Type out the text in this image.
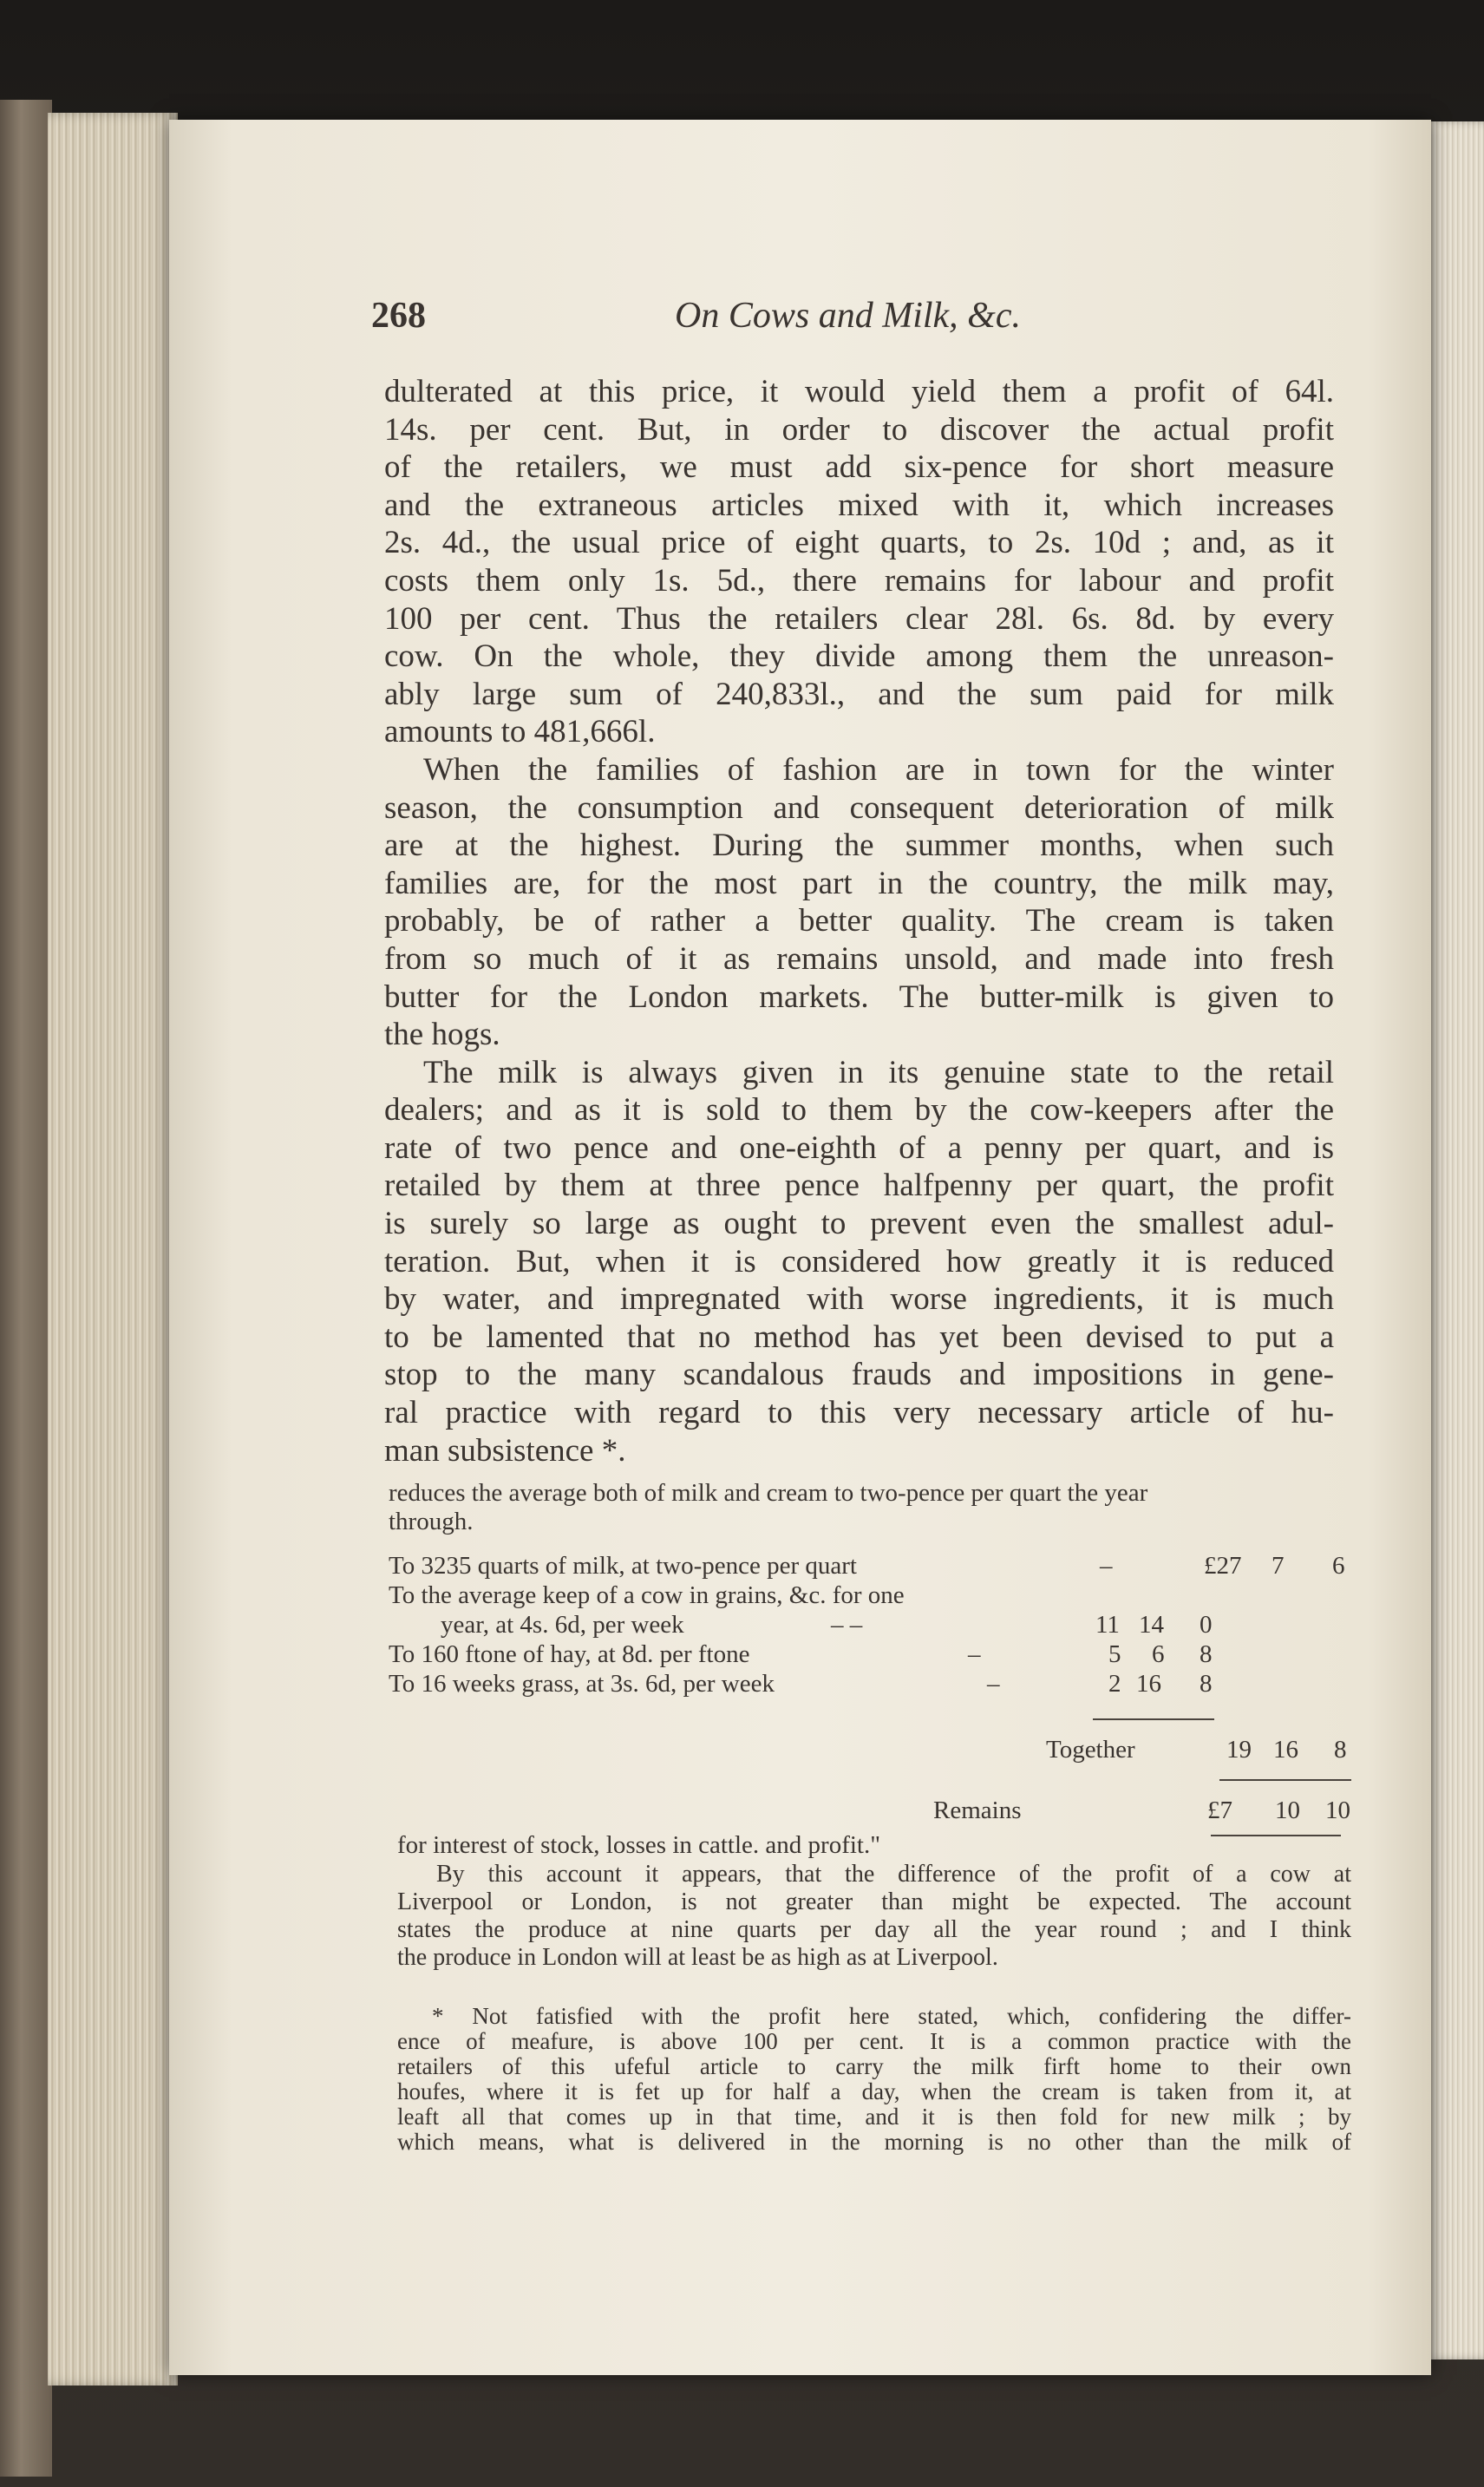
268	On Cows and Milk, &c.
dulterated at this price, it would yield them a profit of 64l.
14s. per cent. But, in order to discover the actual profit
of the retailers, we must add six-pence for short measure
and the extraneous articles mixed with it, which increases
2s. 4d., the usual price of eight quarts, to 2s. 10d ; and, as it
costs them only 1s. 5d., there remains for labour and profit
100 per cent. Thus the retailers clear 28l. 6s. 8d. by every
cow. On the whole, they divide among them the unreason-
ably large sum of 240,833l., and the sum paid for milk
amounts to 481,666l.
When the families of fashion are in town for the winter
season, the consumption and consequent deterioration of milk
are at the highest. During the summer months, when such
families are, for the most part in the country, the milk may,
probably, be of rather a better quality. The cream is taken
from so much of it as remains unsold, and made into fresh
butter for the London markets. The butter-milk is given to
the hogs.
The milk is always given in its genuine state to the retail
dealers; and as it is sold to them by the cow-keepers after the
rate of two pence and one-eighth of a penny per quart, and is
retailed by them at three pence halfpenny per quart, the profit
is surely so large as ought to prevent even the smallest adul-
teration. But, when it is considered how greatly it is reduced
by water, and impregnated with worse ingredients, it is much
to be lamented that no method has yet been devised to put a
stop to the many scandalous frauds and impositions in gene-
ral practice with regard to this very necessary article of hu-
man subsistence *.
reduces the average both of milk and cream to two-pence per quart the year
through.
To 3235 quarts of milk, at two-pence per quart	–	£27 7 6
To the average keep of a cow in grains, &c. for one
year, at 4s. 6d, per week	– –	11 14 0
To 160 ftone of hay, at 8d. per ftone	–	5 6 8
To 16 weeks grass, at 3s. 6d, per week	–	2 16 8
Together	19 16 8
Remains	£7 10 10
for interest of stock, losses in cattle. and profit."
By this account it appears, that the difference of the profit of a cow at
Liverpool or London, is not greater than might be expected. The account
states the produce at nine quarts per day all the year round ; and I think
the produce in London will at least be as high as at Liverpool.
* Not fatisfied with the profit here stated, which, confidering the differ-
ence of meafure, is above 100 per cent. It is a common practice with the
retailers of this ufeful article to carry the milk firft home to their own
houfes, where it is fet up for half a day, when the cream is taken from it, at
leaft all that comes up in that time, and it is then fold for new milk ; by
which means, what is delivered in the morning is no other than the milk of
